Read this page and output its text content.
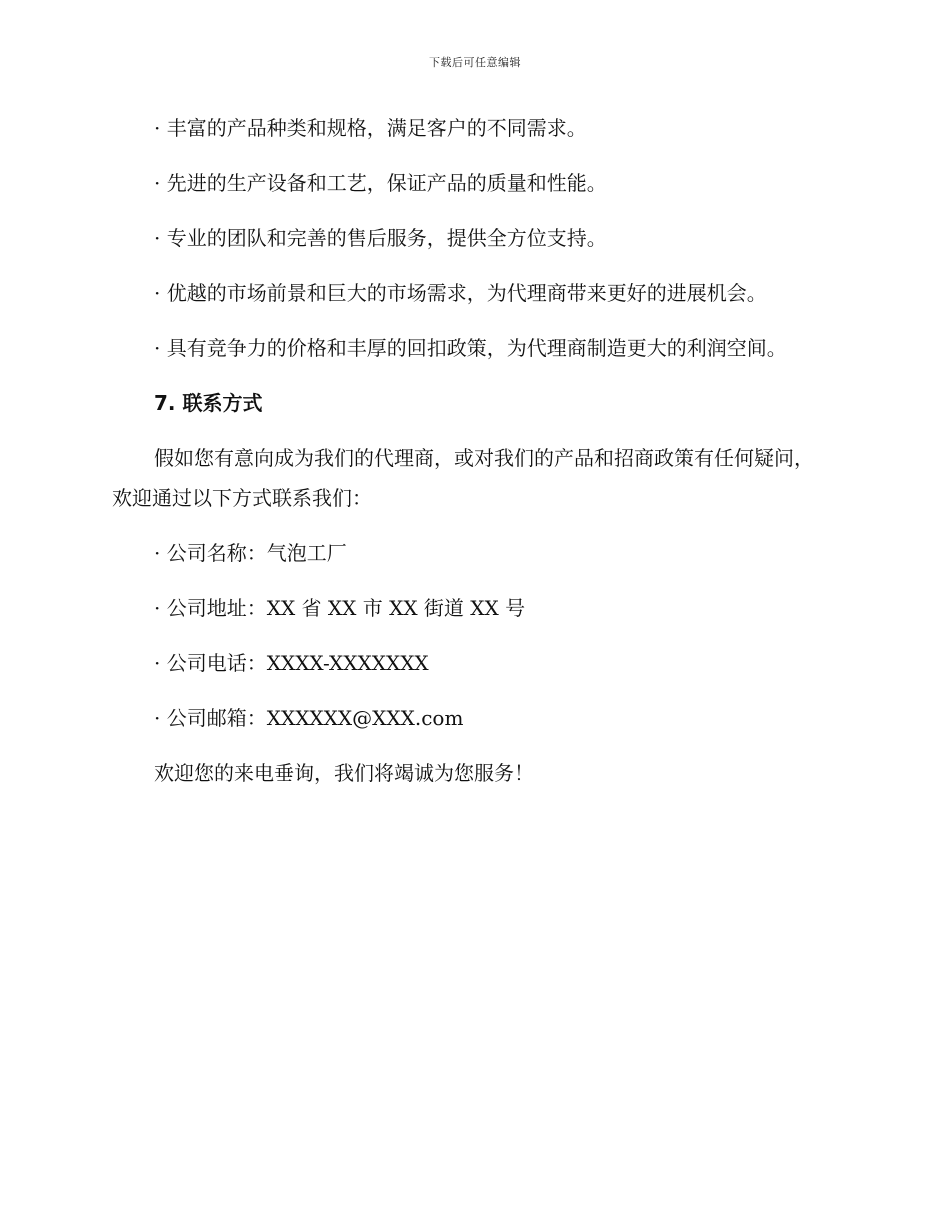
下载后可任意编辑

· 丰富的产品种类和规格，满足客户的不同需求。

· 先进的生产设备和工艺，保证产品的质量和性能。

· 专业的团队和完善的售后服务，提供全方位支持。

· 优越的市场前景和巨大的市场需求，为代理商带来更好的进展机会。

· 具有竞争力的价格和丰厚的回扣政策，为代理商制造更大的利润空间。

7. 联系方式

假如您有意向成为我们的代理商，或对我们的产品和招商政策有任何疑问，欢迎通过以下方式联系我们：

· 公司名称：气泡工厂

· 公司地址：XX 省 XX 市 XX 街道 XX 号

· 公司电话：XXXX-XXXXXXX

· 公司邮箱：XXXXXX@XXX.com

欢迎您的来电垂询，我们将竭诚为您服务！
